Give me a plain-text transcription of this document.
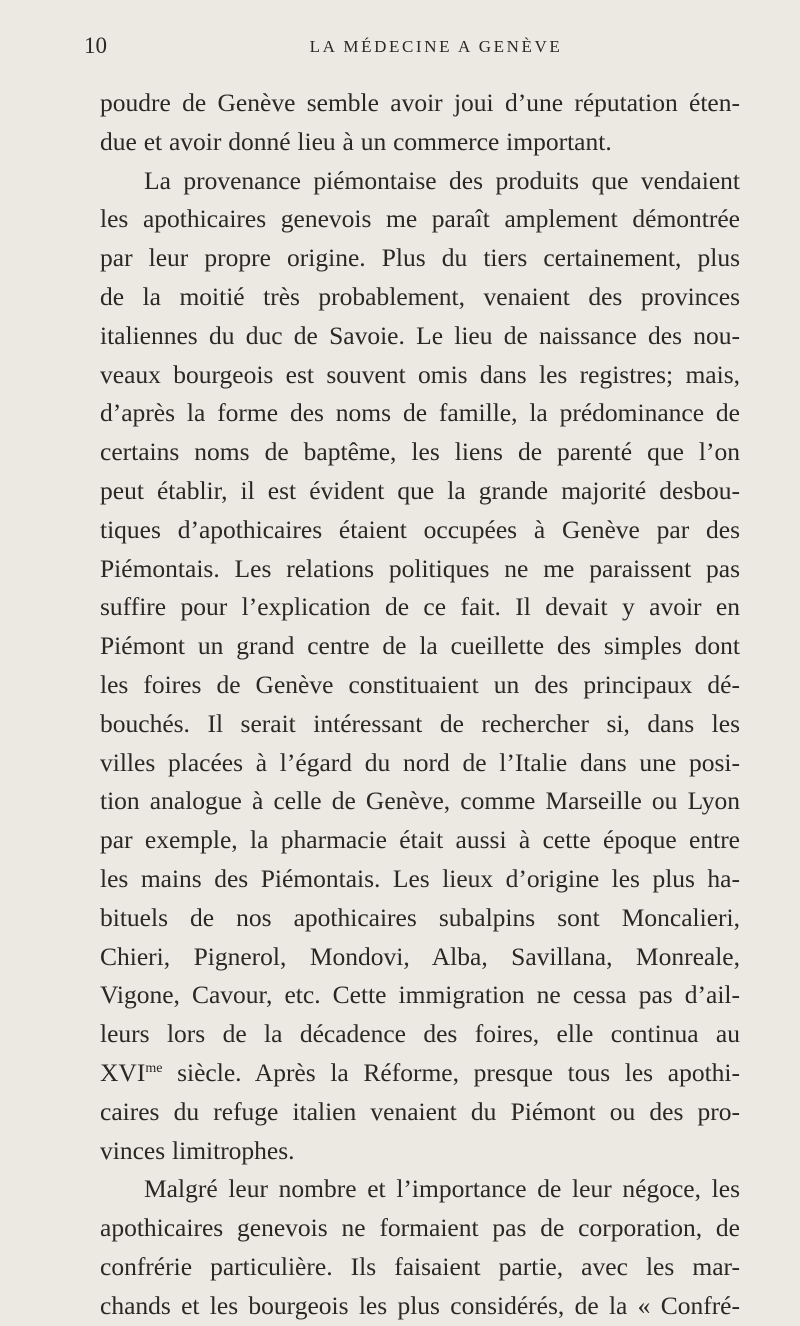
10	LA MÉDECINE A GENÈVE
poudre de Genève semble avoir joui d’une réputation éten-
due et avoir donné lieu à un commerce important.
La provenance piémontaise des produits que vendaient
les apothicaires genevois me paraît amplement démontrée
par leur propre origine. Plus du tiers certainement, plus
de la moitié très probablement, venaient des provinces
italiennes du duc de Savoie. Le lieu de naissance des nou-
veaux bourgeois est souvent omis dans les registres; mais,
d’après la forme des noms de famille, la prédominance de
certains noms de baptême, les liens de parenté que l’on
peut établir, il est évident que la grande majorité desbou-
tiques d’apothicaires étaient occupées à Genève par des
Piémontais. Les relations politiques ne me paraissent pas
suffire pour l’explication de ce fait. Il devait y avoir en
Piémont un grand centre de la cueillette des simples dont
les foires de Genève constituaient un des principaux dé-
bouchés. Il serait intéressant de rechercher si, dans les
villes placées à l’égard du nord de l’Italie dans une posi-
tion analogue à celle de Genève, comme Marseille ou Lyon
par exemple, la pharmacie était aussi à cette époque entre
les mains des Piémontais. Les lieux d’origine les plus ha-
bituels de nos apothicaires subalpins sont Moncalieri,
Chieri, Pignerol, Mondovi, Alba, Savillana, Monreale,
Vigone, Cavour, etc. Cette immigration ne cessa pas d’ail-
leurs lors de la décadence des foires, elle continua au
$XVI^{me}$ siècle. Après la Réforme, presque tous les apothi-
caires du refuge italien venaient du Piémont ou des pro-
vinces limitrophes.
Malgré leur nombre et l’importance de leur négoce, les
apothicaires genevois ne formaient pas de corporation, de
confrérie particulière. Ils faisaient partie, avec les mar-
chands et les bourgeois les plus considérés, de la « Confré-
